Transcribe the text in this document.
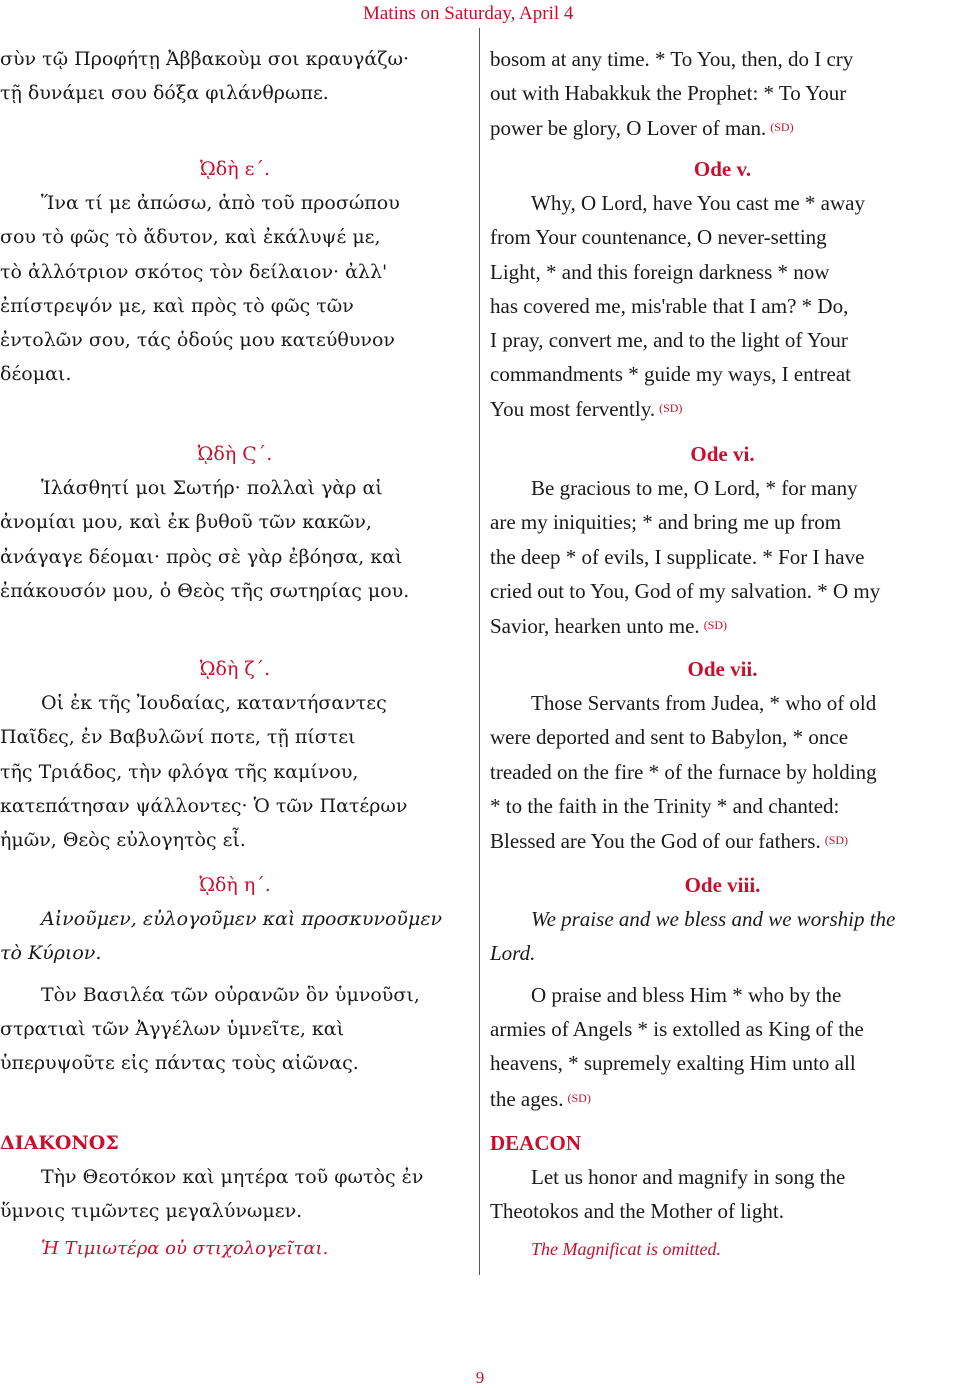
Matins on Saturday, April 4
σὺν τῷ Προφήτῃ Ἀββακοὺμ σοι κραυγάζω·
τῇ δυνάμει σου δόξα φιλάνθρωπε.
ᾨδὴ ε΄.
Ἵνα τί με ἀπώσω, ἀπὸ τοῦ προσώπου
σου τὸ φῶς τὸ ἄδυτον, καὶ ἐκάλυψέ με,
τὸ ἀλλότριον σκότος τὸν δείλαιον· ἀλλ'
ἐπίστρεψόν με, καὶ πρὸς τὸ φῶς τῶν
ἐντολῶν σου, τάς ὁδούς μου κατεύθυνον
δέομαι.
ᾨδὴ Ϛ΄.
Ἱλάσθητί μοι Σωτήρ· πολλαὶ γὰρ αἱ
ἀνομίαι μου, καὶ ἐκ βυθοῦ τῶν κακῶν,
ἀνάγαγε δέομαι· πρὸς σὲ γὰρ ἐβόησα, καὶ
ἐπάκουσόν μου, ὁ Θεὸς τῆς σωτηρίας μου.
ᾨδὴ ζ΄.
Οἱ ἐκ τῆς Ἰουδαίας, καταντήσαντες
Παῖδες, ἐν Βαβυλῶνί ποτε, τῇ πίστει
τῆς Τριάδος, τὴν φλόγα τῆς καμίνου,
κατεπάτησαν ψάλλοντες· Ὁ τῶν Πατέρων
ἡμῶν, Θεὸς εὐλογητὸς εἶ.
ᾨδὴ η΄.
Αἰνοῦμεν, εὐλογοῦμεν καὶ προσκυνοῦμεν
τὸ Κύριον.
Τὸν Βασιλέα τῶν οὐρανῶν ὃν ὑμνοῦσι,
στρατιαὶ τῶν Ἀγγέλων ὑμνεῖτε, καὶ
ὑπερυψοῦτε εἰς πάντας τοὺς αἰῶνας.
ΔΙΑΚΟΝΟΣ
Τὴν Θεοτόκον καὶ μητέρα τοῦ φωτὸς ἐν
ὕμνοις τιμῶντες μεγαλύνωμεν.
Ἡ Τιμιωτέρα οὐ στιχολογεῖται.
bosom at any time. * To You, then, do I cry
out with Habakkuk the Prophet: * To Your
power be glory, O Lover of man. (SD)
Ode v.
Why, O Lord, have You cast me * away
from Your countenance, O never-setting
Light, * and this foreign darkness * now
has covered me, mis'rable that I am? * Do,
I pray, convert me, and to the light of Your
commandments * guide my ways, I entreat
You most fervently. (SD)
Ode vi.
Be gracious to me, O Lord, * for many
are my iniquities; * and bring me up from
the deep * of evils, I supplicate. * For I have
cried out to You, God of my salvation. * O my
Savior, hearken unto me. (SD)
Ode vii.
Those Servants from Judea, * who of old
were deported and sent to Babylon, * once
treaded on the fire * of the furnace by holding
* to the faith in the Trinity * and chanted:
Blessed are You the God of our fathers. (SD)
Ode viii.
We praise and we bless and we worship the
Lord.
O praise and bless Him * who by the
armies of Angels * is extolled as King of the
heavens, * supremely exalting Him unto all
the ages. (SD)
DEACON
Let us honor and magnify in song the
Theotokos and the Mother of light.
The Magnificat is omitted.
9
